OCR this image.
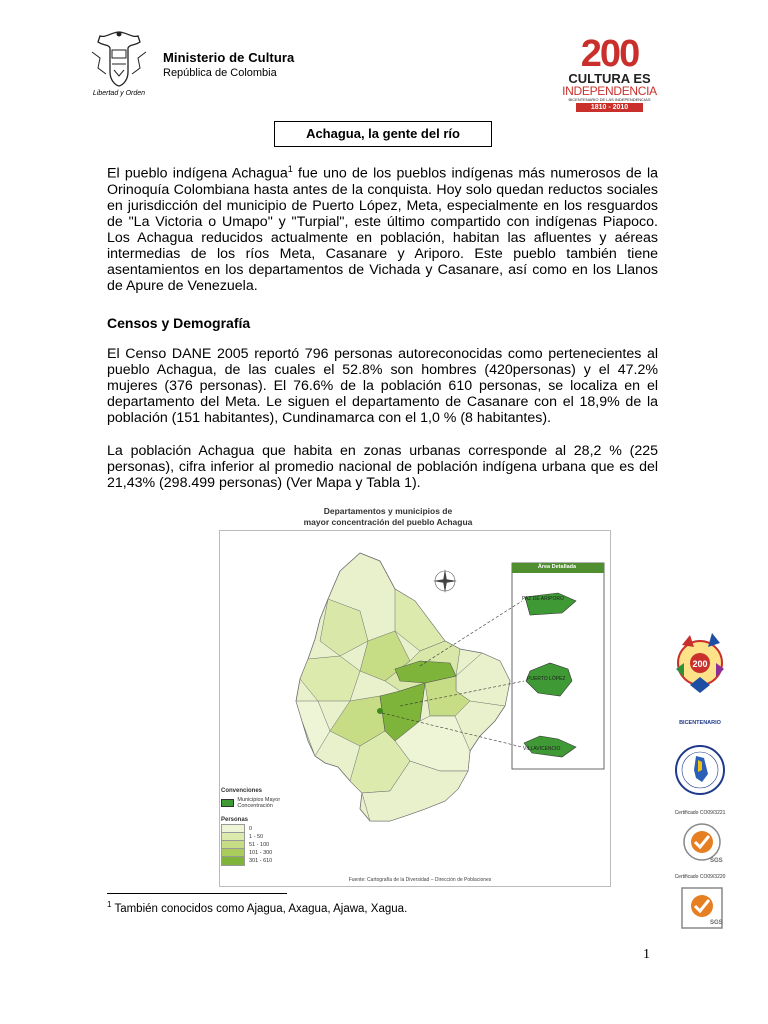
Libertad y Orden
Ministerio de Cultura
República de Colombia	200
CULTURA ES
INDEPENDENCIA
BICENTENARIO DE LAS INDEPENDENCIAS
1810 - 2010
Achagua, la gente del río
El pueblo indígena Achagua$^1$ fue uno de los pueblos indígenas más numerosos de la Orinoquía Colombiana hasta antes de la conquista. Hoy solo quedan reductos sociales en jurisdicción del municipio de Puerto López, Meta, especialmente en los resguardos de "La Victoria o Umapo" y "Turpial", este último compartido con indígenas Piapoco. Los Achagua reducidos actualmente en población, habitan las afluentes y aéreas intermedias de los ríos Meta, Casanare y Ariporo. Este pueblo también tiene asentamientos en los departamentos de Vichada y Casanare, así como en los Llanos de Apure de Venezuela.
Censos y Demografía
El Censo DANE 2005 reportó 796 personas autoreconocidas como pertenecientes al pueblo Achagua, de las cuales el 52.8% son hombres (420personas) y el 47.2% mujeres (376 personas). El 76.6% de la población 610 personas, se localiza en el departamento del Meta. Le siguen el departamento de Casanare con el 18,9% de la población (151 habitantes), Cundinamarca con el 1,0 % (8 habitantes).
La población Achagua que habita en zonas urbanas corresponde al 28,2 % (225 personas), cifra inferior al promedio nacional de población indígena urbana que es del 21,43% (298.499 personas) (Ver Mapa y Tabla 1).
Departamentos y municipios de
mayor concentración del pueblo Achagua
Área Detallada
PAZ DE ARIPORO
PUERTO LÓPEZ
VILLAVICENCIO
Convenciones
Municipios Mayor Concentración
Personas
0
1 - 50
51 - 100
101 - 300
301 - 610
Fuente: Cartografía de la Diversidad – Dirección de Poblaciones
$^1$ También conocidos como Ajagua, Axagua, Ajawa, Xagua.
1
200
BICENTENARIO
Certificado CO09/3221
SGS
Certificado CO09/3220
SGS
